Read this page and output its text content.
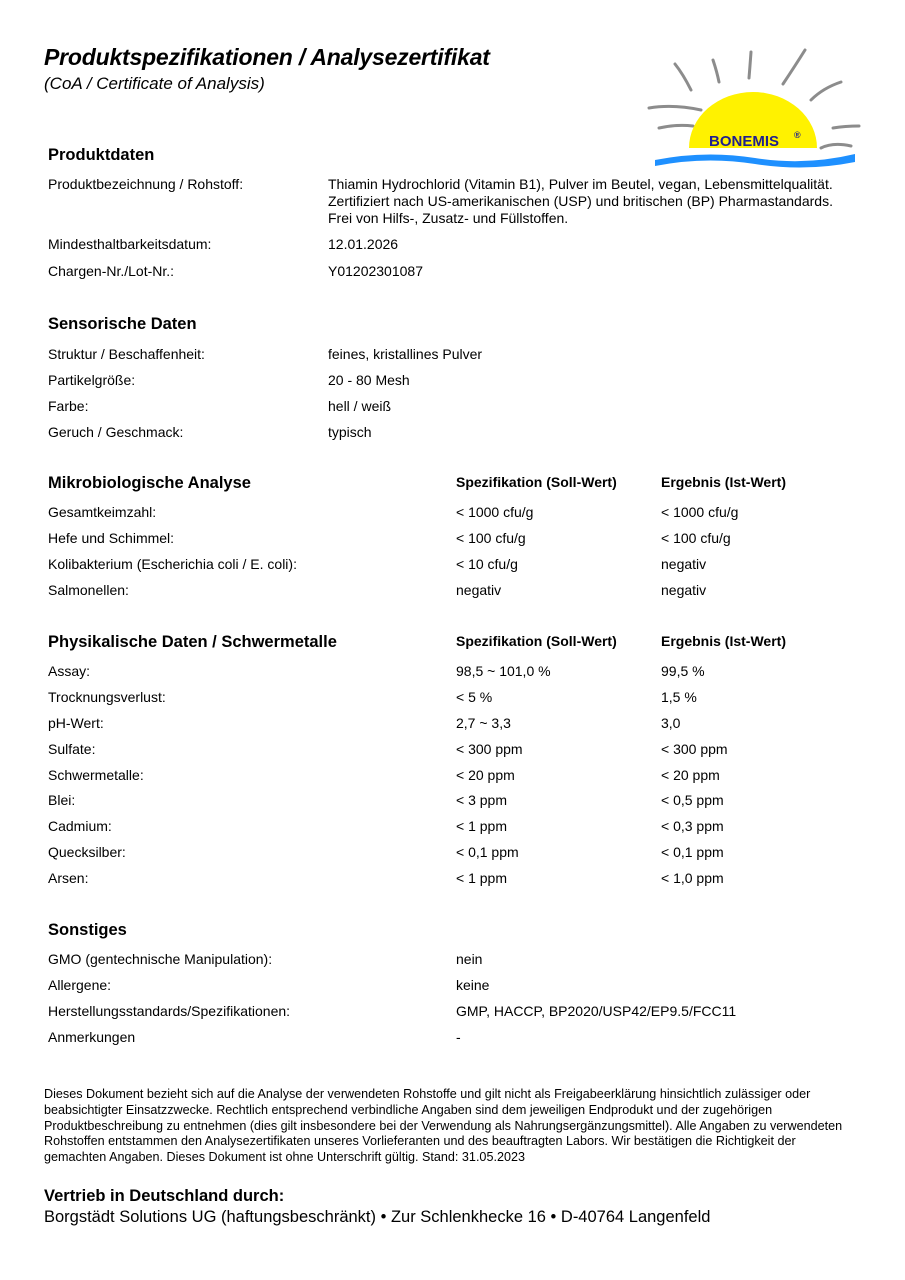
Produktspezifikationen / Analysezertifikat
(CoA / Certificate of Analysis)
BONEMIS ®
Produktdaten
Produktbezeichnung / Rohstoff:	Thiamin Hydrochlorid (Vitamin B1), Pulver im Beutel, vegan, Lebensmittelqualität. Zertifiziert nach US-amerikanischen (USP) und britischen (BP) Pharmastandards. Frei von Hilfs-, Zusatz- und Füllstoffen.
Mindesthaltbarkeitsdatum:	12.01.2026
Chargen-Nr./Lot-Nr.:	Y01202301087
Sensorische Daten
Struktur / Beschaffenheit:	feines, kristallines Pulver
Partikelgröße:	20 - 80 Mesh
Farbe:	hell / weiß
Geruch / Geschmack:	typisch
Mikrobiologische Analyse	Spezifikation (Soll-Wert)	Ergebnis (Ist-Wert)
Gesamtkeimzahl:	< 1000 cfu/g	< 1000 cfu/g
Hefe und Schimmel:	< 100 cfu/g	< 100 cfu/g
Kolibakterium (Escherichia coli / E. coli):	< 10 cfu/g	negativ
Salmonellen:	negativ	negativ
Physikalische Daten / Schwermetalle	Spezifikation (Soll-Wert)	Ergebnis (Ist-Wert)
Assay:	98,5 ~ 101,0 %	99,5 %
Trocknungsverlust:	< 5 %	1,5 %
pH-Wert:	2,7 ~ 3,3	3,0
Sulfate:	< 300 ppm	< 300 ppm
Schwermetalle:	< 20 ppm	< 20 ppm
Blei:	< 3 ppm	< 0,5 ppm
Cadmium:	< 1 ppm	< 0,3 ppm
Quecksilber:	< 0,1 ppm	< 0,1 ppm
Arsen:	< 1 ppm	< 1,0 ppm
Sonstiges
GMO (gentechnische Manipulation):	nein
Allergene:	keine
Herstellungsstandards/Spezifikationen:	GMP, HACCP, BP2020/USP42/EP9.5/FCC11
Anmerkungen	-
Dieses Dokument bezieht sich auf die Analyse der verwendeten Rohstoffe und gilt nicht als Freigabeerklärung hinsichtlich zulässiger oder beabsichtigter Einsatzzwecke. Rechtlich entsprechend verbindliche Angaben sind dem jeweiligen Endprodukt und der zugehörigen Produktbeschreibung zu entnehmen (dies gilt insbesondere bei der Verwendung als Nahrungsergänzungsmittel). Alle Angaben zu verwendeten Rohstoffen entstammen den Analysezertifikaten unseres Vorlieferanten und des beauftragten Labors. Wir bestätigen die Richtigkeit der gemachten Angaben. Dieses Dokument ist ohne Unterschrift gültig. Stand: 31.05.2023
Vertrieb in Deutschland durch:
Borgstädt Solutions UG (haftungsbeschränkt) • Zur Schlenkhecke 16 • D-40764 Langenfeld
